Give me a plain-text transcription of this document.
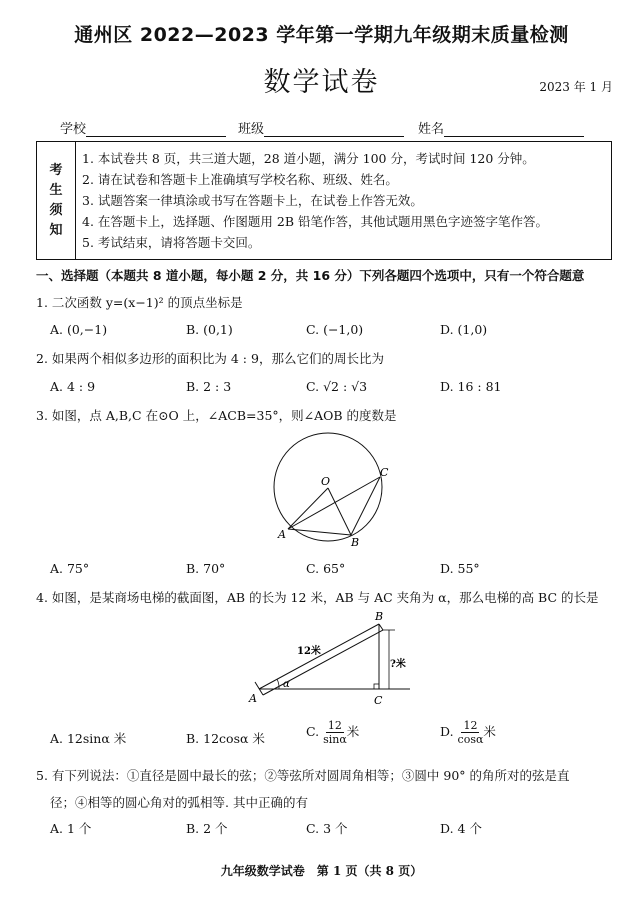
通州区 2022—2023 学年第一学期九年级期末质量检测
数学试卷	2023 年 1 月
学校	班级	姓名
考
生
须
知
1. 本试卷共 8 页，共三道大题，28 道小题，满分 100 分，考试时间 120 分钟。
2. 请在试卷和答题卡上准确填写学校名称、班级、姓名。
3. 试题答案一律填涂或书写在答题卡上，在试卷上作答无效。
4. 在答题卡上，选择题、作图题用 2B 铅笔作答，其他试题用黑色字迹签字笔作答。
5. 考试结束，请将答题卡交回。
一、选择题（本题共 8 道小题，每小题 2 分，共 16 分）下列各题四个选项中，只有一个符合题意
1. 二次函数 y=(x−1)² 的顶点坐标是
A. (0,−1)	B. (0,1)	C. (−1,0)	D. (1,0)
2. 如果两个相似多边形的面积比为 4 : 9，那么它们的周长比为
A. 4 : 9	B. 2 : 3	C. √2 : √3	D. 16 : 81
3. 如图，点 A,B,C 在⊙O 上，∠ACB=35°，则∠AOB 的度数是
O
A
B
C
A. 75°	B. 70°	C. 65°	D. 55°
4. 如图，是某商场电梯的截面图，AB 的长为 12 米，AB 与 AC 夹角为 α，那么电梯的高 BC 的长是
?米
12米
α
A
B
C
A. 12sinα 米	B. 12cosα 米	C. $\frac{12}{\sin\alpha}$ 米	D. $\frac{12}{\cos\alpha}$ 米
5. 有下列说法：①直径是圆中最长的弦；②等弦所对圆周角相等；③圆中 90° 的角所对的弦是直
径；④相等的圆心角对的弧相等. 其中正确的有
A. 1 个	B. 2 个	C. 3 个	D. 4 个
九年级数学试卷　第 1 页（共 8 页）
